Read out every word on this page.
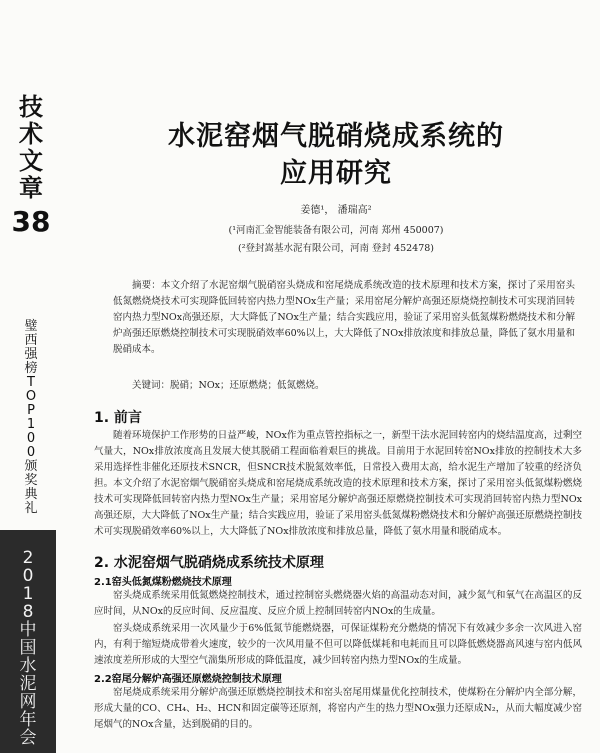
技
术
文
章
38
璧
西
强
榜
T
O
P
1
0
0
颁
奖
典
礼
2
0
1
8
中
国
水
泥
网
年
会
水泥窑烟气脱硝烧成系统的
应用研究
姜德¹， 潘瑞高²
(¹河南汇金智能装备有限公司，河南 郑州 450007)
(²登封嵩基水泥有限公司，河南 登封 452478)
摘要：本文介绍了水泥窑烟气脱硝窑头烧成和窑尾烧成系统改造的技术原理和技术方案，探讨了采用窑头低氮燃烧烧技术可实现降低回转窑内热力型NOx生产量；采用窑尾分解炉高强还原烧烧控制技术可实现消回转窑内热力型NOx高强还原，大大降低了NOx生产量；结合实践应用，验证了采用窑头低氮煤粉燃烧技术和分解炉高强还原燃烧控制技术可实现脱硝效率60%以上，大大降低了NOx排放浓度和排放总量，降低了氨水用量和脱硝成本。
关键词：脱硝；NOx；还原燃烧；低氮燃烧。
1. 前言
随着环境保护工作形势的日益严峻，NOx作为重点管控指标之一，新型干法水泥回转窑内的烧结温度高，过剩空气量大，NOx排放浓度高且发展大使其脱硝工程面临着艰巨的挑战。目前用于水泥回转窑NOx排放的控制技术大多采用选择性非催化还原技术SNCR，但SNCR技术脱氮效率低，日常投入费用太高，给水泥生产增加了较重的经济负担。本文介绍了水泥窑烟气脱硝窑头烧成和窑尾烧成系统改造的技术原理和技术方案，探讨了采用窑头低氮煤粉燃烧技术可实现降低回转窑内热力型NOx生产量；采用窑尾分解炉高强还原燃烧控制技术可实现消回转窑内热力型NOx高强还原，大大降低了NOx生产量；结合实践应用，验证了采用窑头低氮煤粉燃烧技术和分解炉高强还原燃烧控制技术可实现脱硝效率60%以上，大大降低了NOx排放浓度和排放总量，降低了氨水用量和脱硝成本。
2. 水泥窑烟气脱硝烧成系统技术原理
2.1窑头低氮煤粉燃烧技术原理
窑头烧成系统采用低氮燃烧控制技术，通过控制窑头燃烧器火焰的高温动态对间，减少氮气和氧气在高温区的反应时间，从NOx的反应时间、反应温度、反应介质上控制回转窑内NOx的生成量。
窑头烧成系统采用一次风量少于6%低氮节能燃烧器，可保证煤粉充分燃烧的情况下有效减少多余一次风进入窑内，有利于缩短烧成带着火速度，较少的一次风用量不但可以降低煤耗和电耗而且可以降低燃烧器高风速与窑内低风速浓度差所形成的大型空气湍集所形成的降低温度，减少回转窑内热力型NOx的生成量。
2.2窑尾分解炉高强还原燃烧控制技术原理
窑尾烧成系统采用分解炉高强还原燃烧控制技术和窑头窑尾用煤量优化控制技术，使煤粉在分解炉内全部分解，形成大量的CO、CH₄、H₂、HCN和固定碳等还原剂，将窑内产生的热力型NOx强力还原成N₂，从而大幅度减少窑尾烟气的NOx含量，达到脱硝的目的。
